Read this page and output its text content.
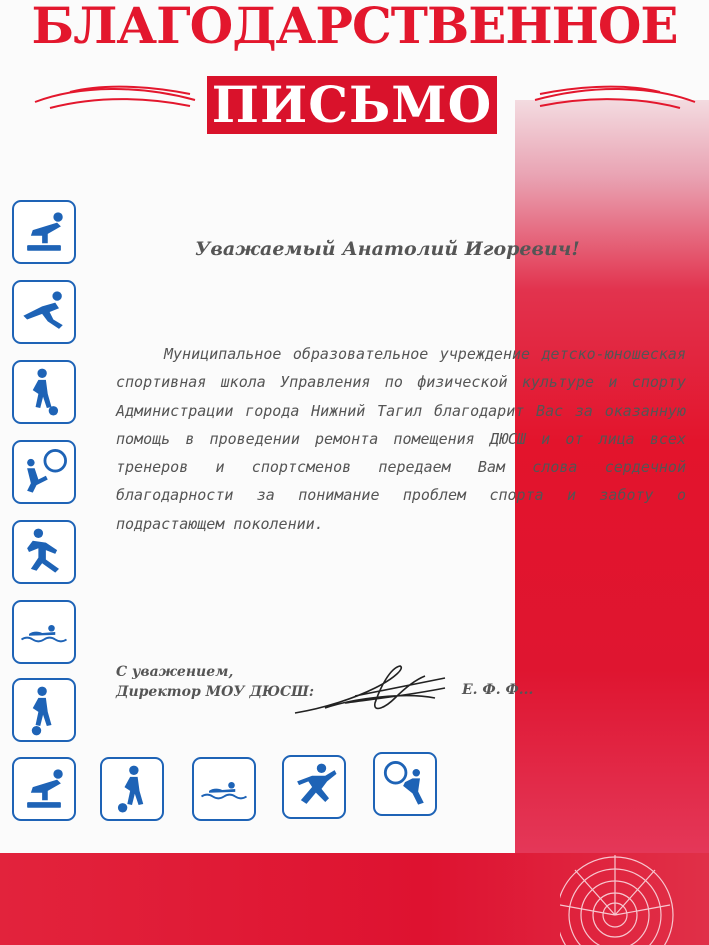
БЛАГОДАРСТВЕННОЕ
ПИСЬМО
Уважаемый Анатолий Игоревич!

Муниципальное образовательное учреждение детско-юношеская спортивная школа Управления по физической культуре и спорту Администрации города Нижний Тагил благодарит Вас за оказанную помощь в проведении ремонта помещения ДЮСШ и от лица всех тренеров и спортсменов передаем Вам слова сердечной благодарности за понимание проблем спорта и заботу о подрастающем поколении.

С уважением,
Директор МОУ ДЮСШ:	Е. Ф. Ф...
